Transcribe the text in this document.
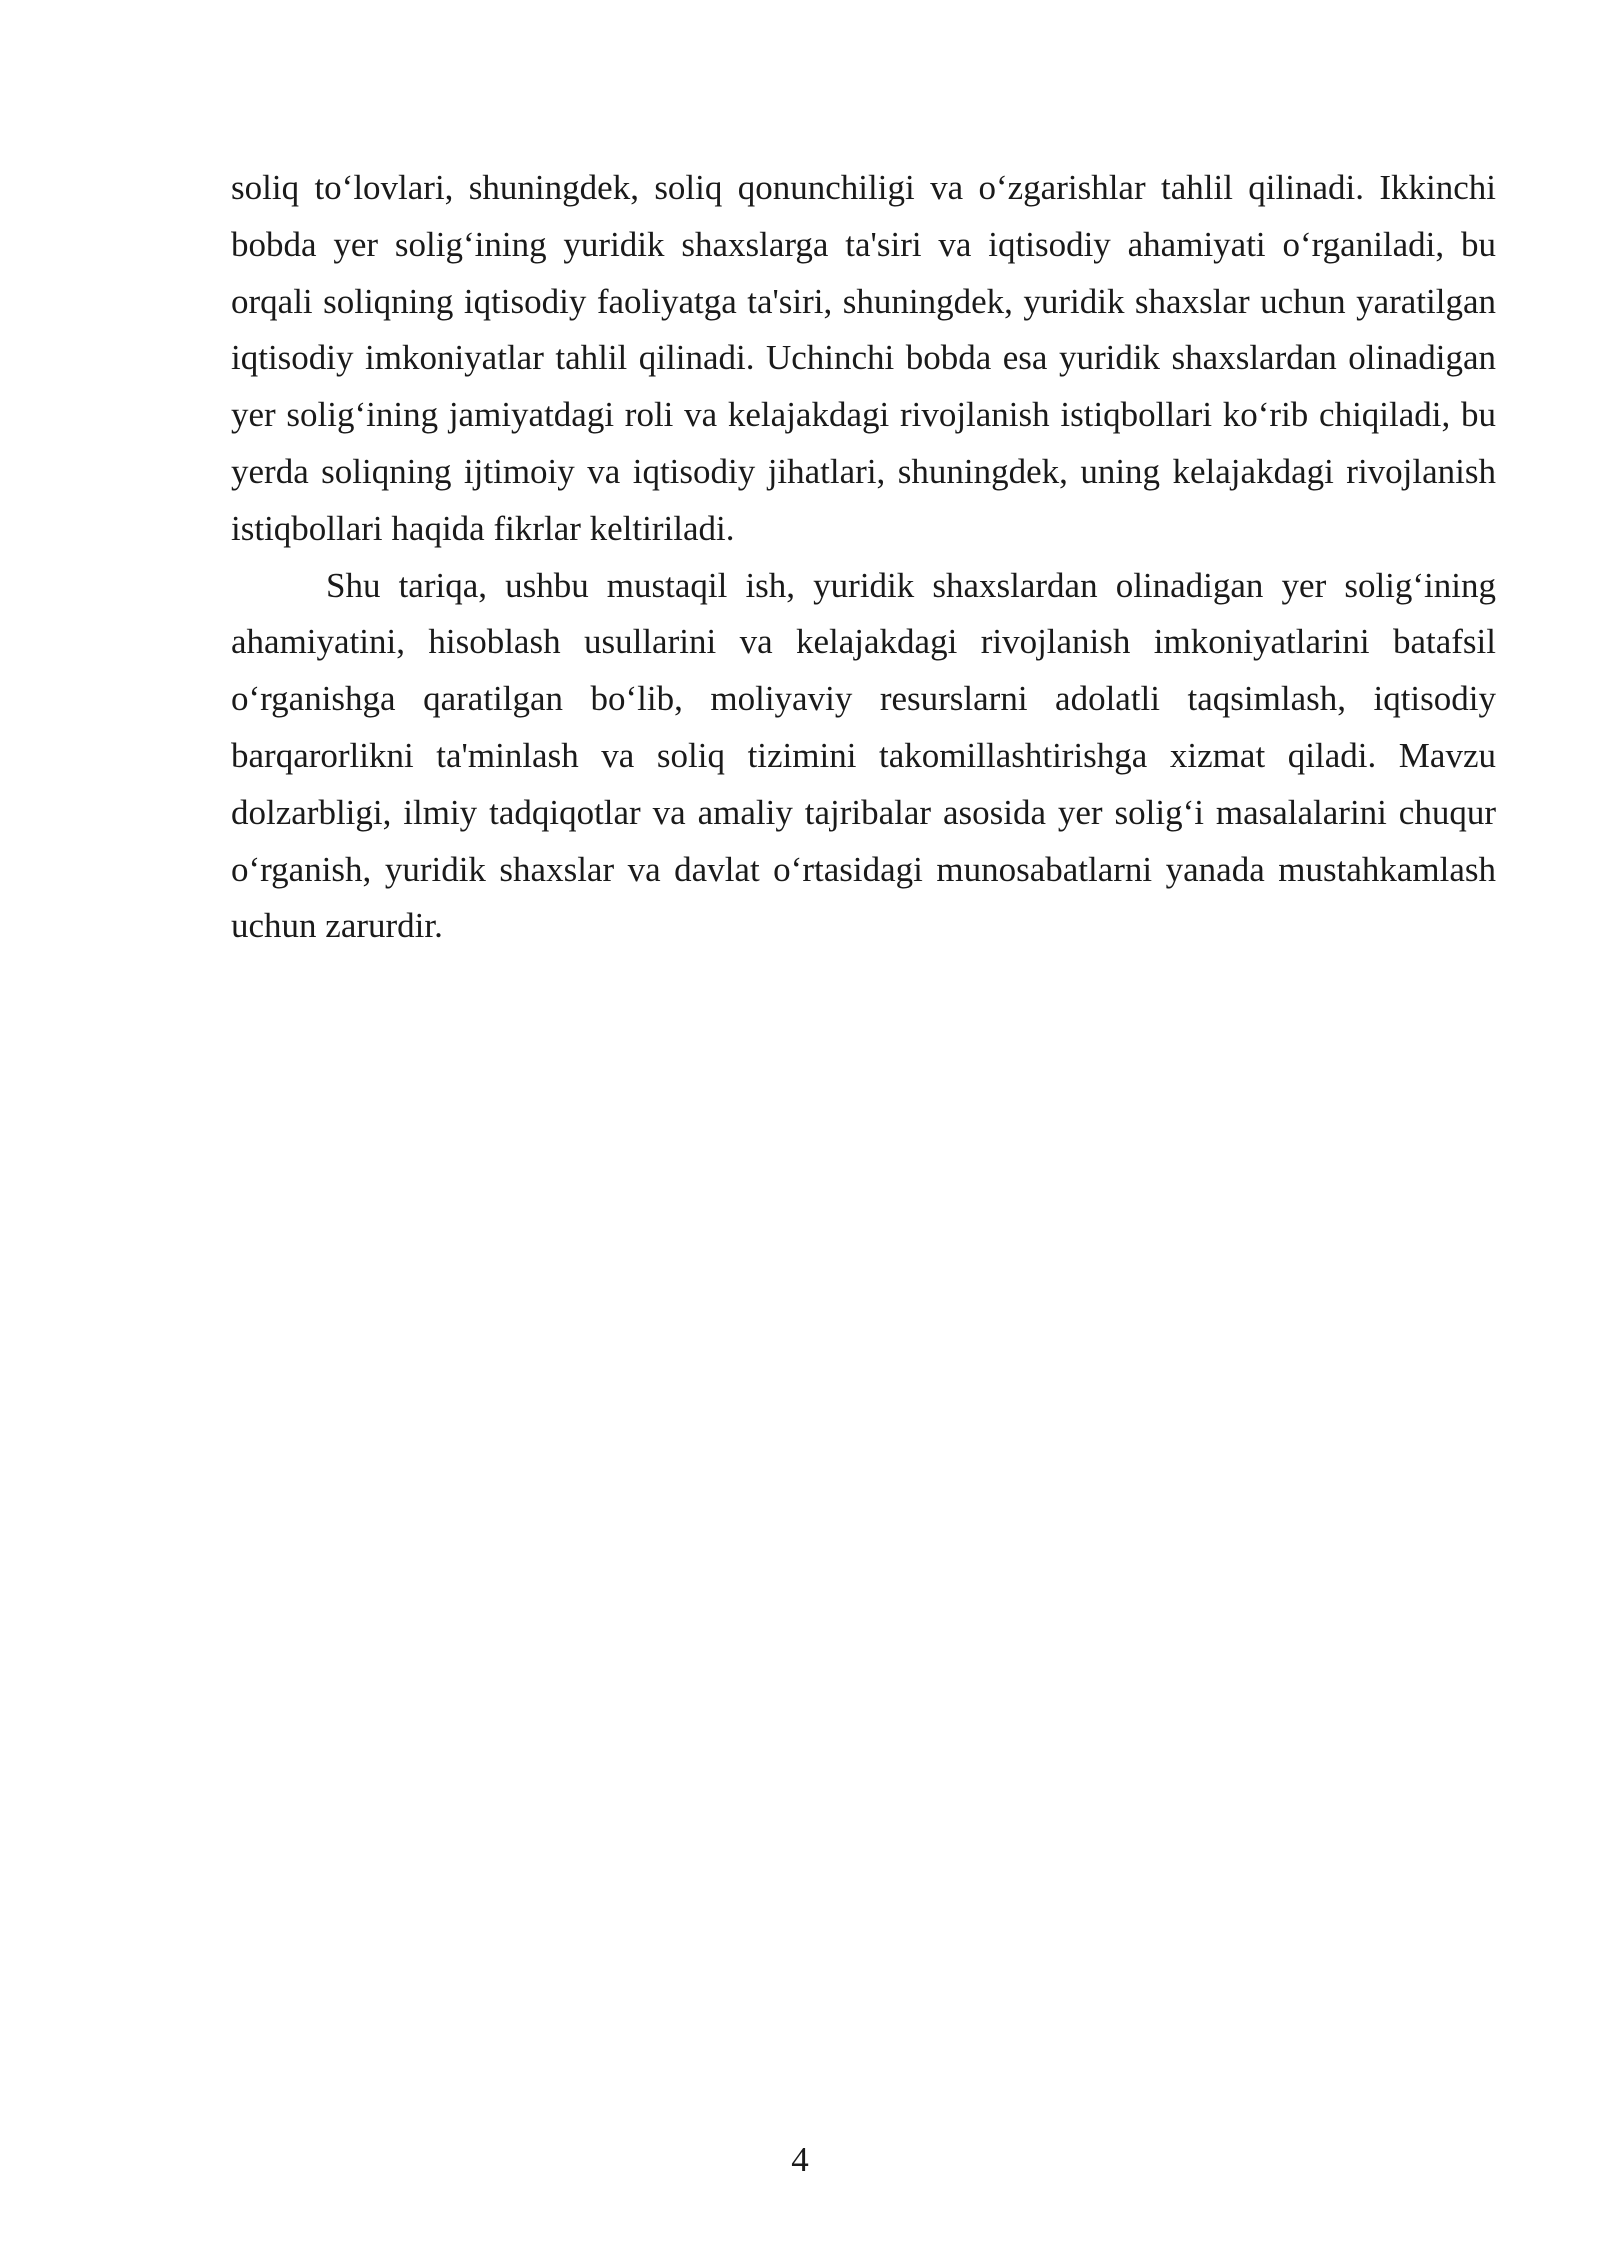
soliq to‘lovlari, shuningdek, soliq qonunchiligi va o‘zgarishlar tahlil qilinadi. Ikkinchi bobda yer solig‘ining yuridik shaxslarga ta'siri va iqtisodiy ahamiyati o‘rganiladi, bu orqali soliqning iqtisodiy faoliyatga ta'siri, shuningdek, yuridik shaxslar uchun yaratilgan iqtisodiy imkoniyatlar tahlil qilinadi. Uchinchi bobda esa yuridik shaxslardan olinadigan yer solig‘ining jamiyatdagi roli va kelajakdagi rivojlanish istiqbollari ko‘rib chiqiladi, bu yerda soliqning ijtimoiy va iqtisodiy jihatlari, shuningdek, uning kelajakdagi rivojlanish istiqbollari haqida fikrlar keltiriladi.

Shu tariqa, ushbu mustaqil ish, yuridik shaxslardan olinadigan yer solig‘ining ahamiyatini, hisoblash usullarini va kelajakdagi rivojlanish imkoniyatlarini batafsil o‘rganishga qaratilgan bo‘lib, moliyaviy resurslarni adolatli taqsimlash, iqtisodiy barqarorlikni ta'minlash va soliq tizimini takomillashtirishga xizmat qiladi. Mavzu dolzarbligi, ilmiy tadqiqotlar va amaliy tajribalar asosida yer solig‘i masalalarini chuqur o‘rganish, yuridik shaxslar va davlat o‘rtasidagi munosabatlarni yanada mustahkamlash uchun zarurdir.

4
